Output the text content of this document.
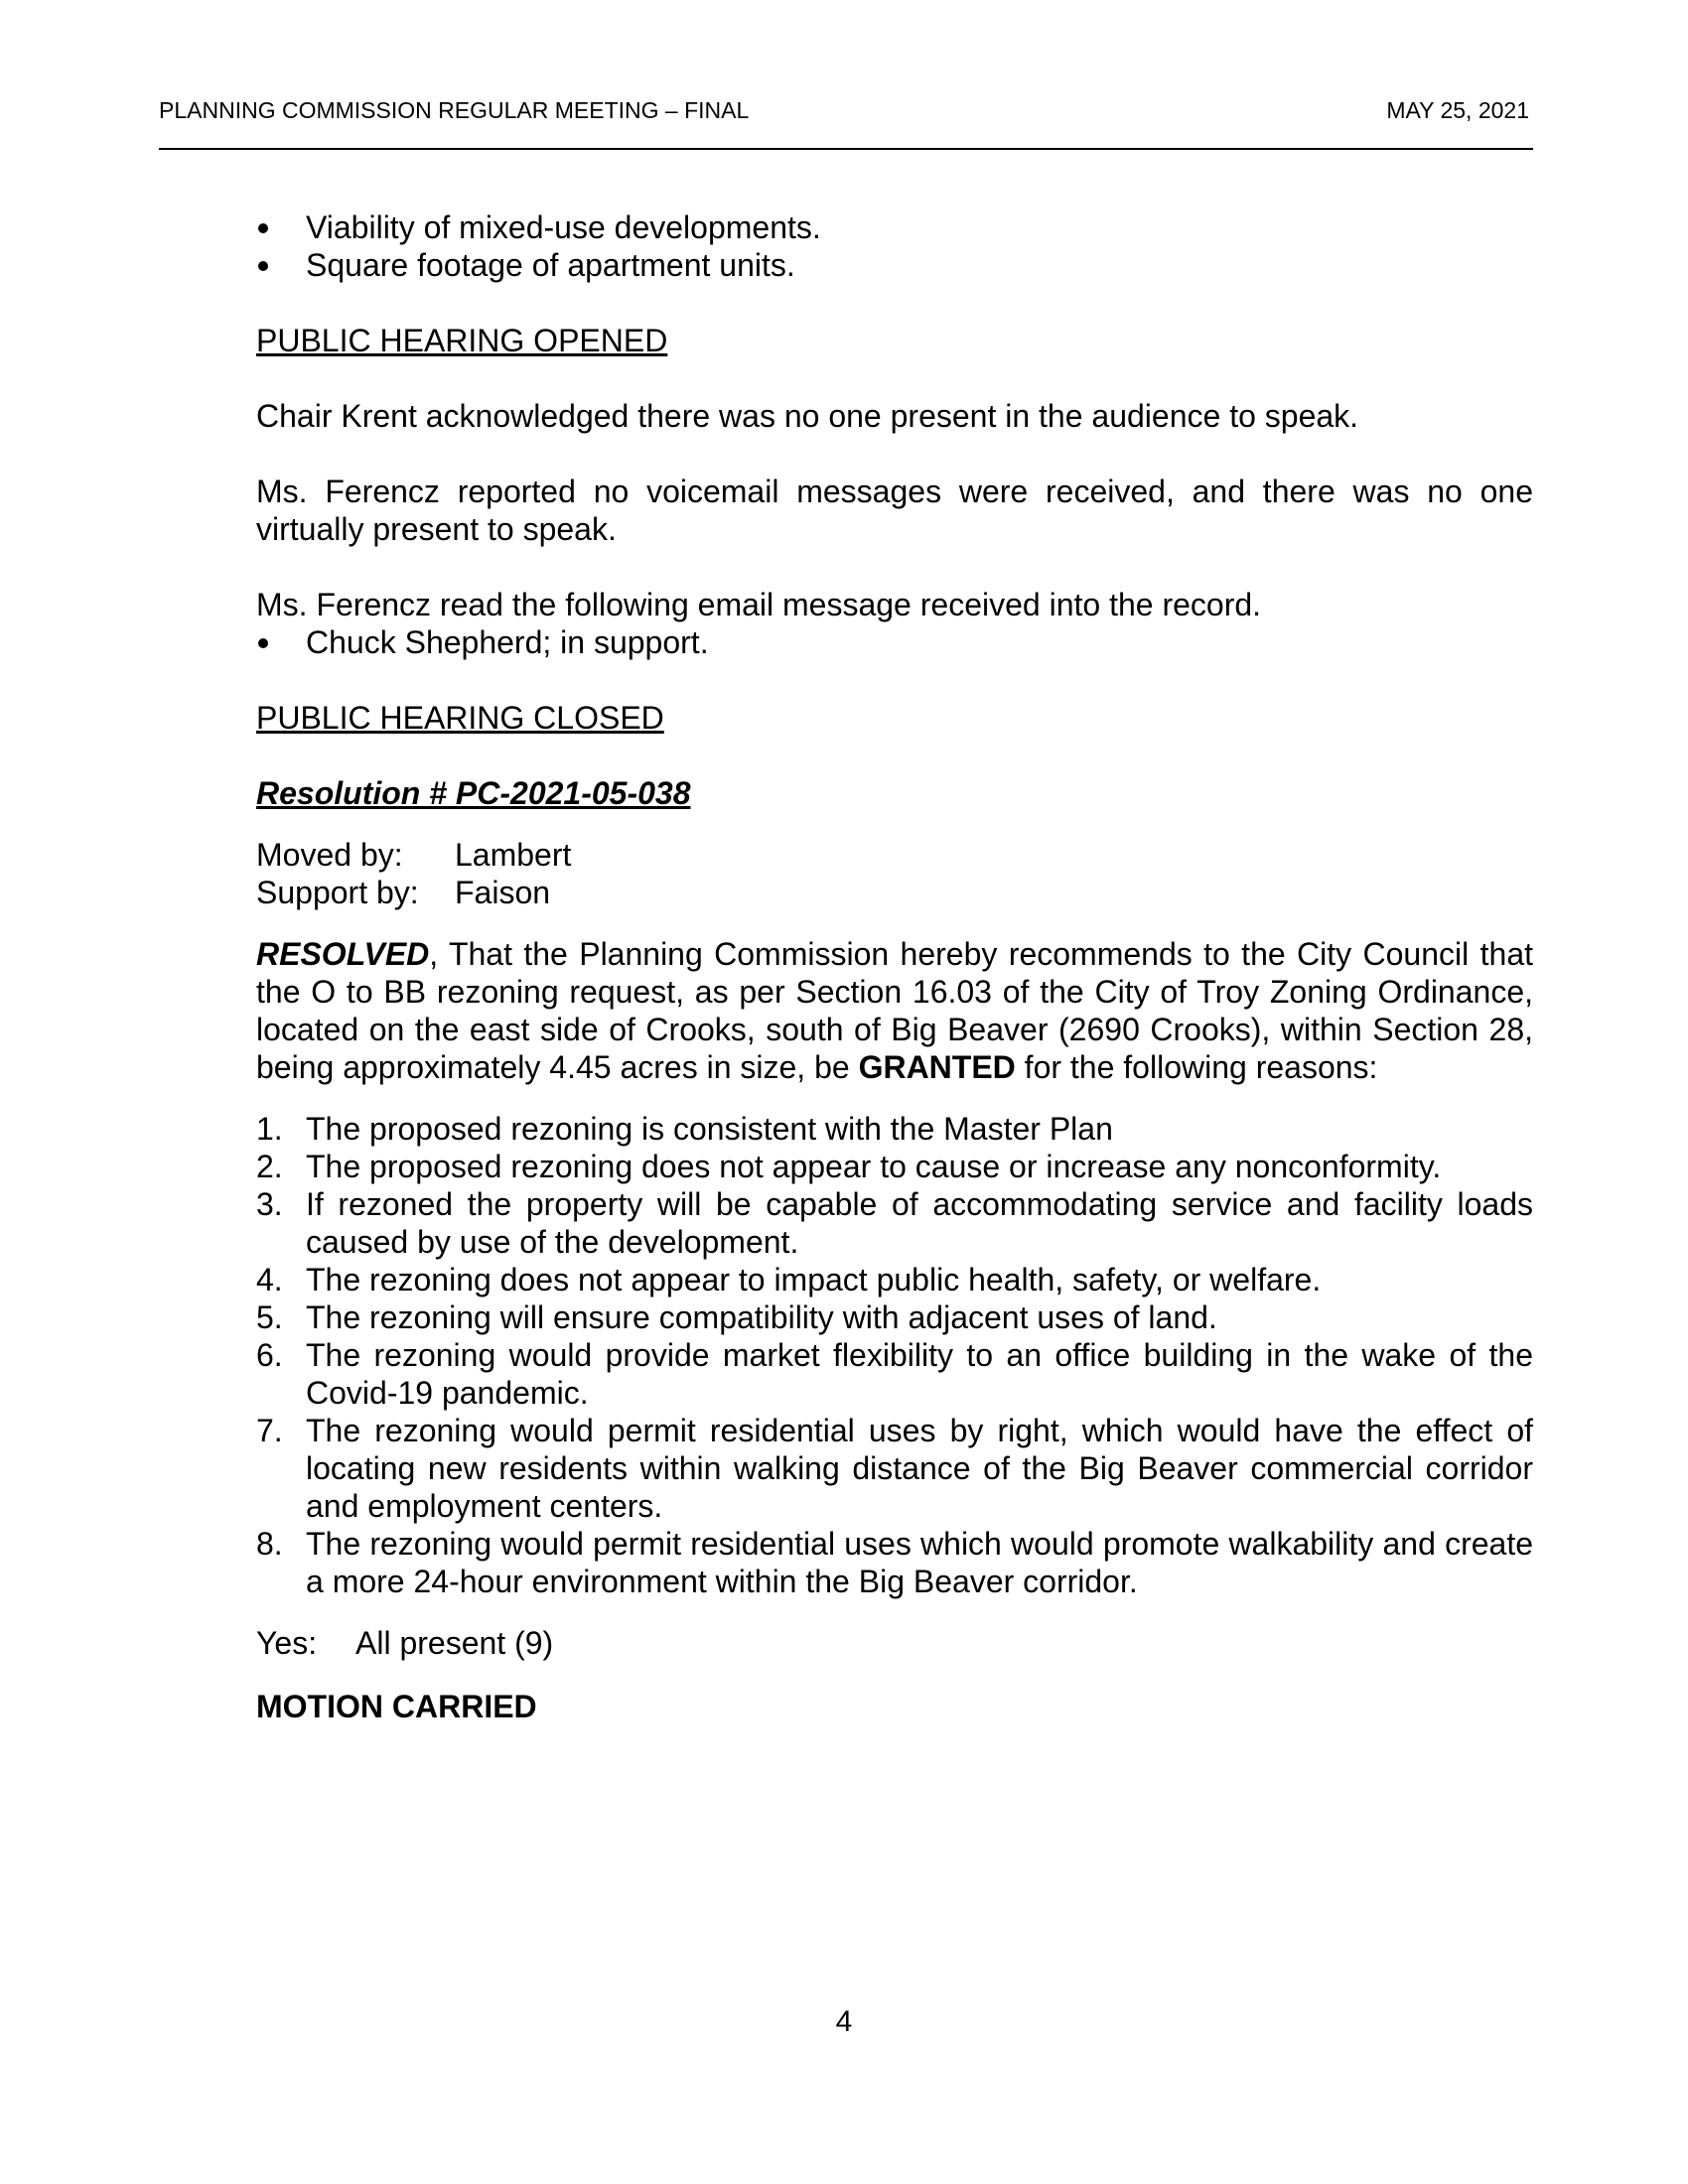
PLANNING COMMISSION REGULAR MEETING – FINAL	MAY 25, 2021
Viability of mixed-use developments.
Square footage of apartment units.

PUBLIC HEARING OPENED

Chair Krent acknowledged there was no one present in the audience to speak.

Ms. Ferencz reported no voicemail messages were received, and there was no one virtually present to speak.

Ms. Ferencz read the following email message received into the record.

Chuck Shepherd; in support.

PUBLIC HEARING CLOSED

Resolution # PC-2021-05-038

Moved by:	Lambert
Support by:	Faison

RESOLVED, That the Planning Commission hereby recommends to the City Council that the O to BB rezoning request, as per Section 16.03 of the City of Troy Zoning Ordinance, located on the east side of Crooks, south of Big Beaver (2690 Crooks), within Section 28, being approximately 4.45 acres in size, be GRANTED for the following reasons:

1. The proposed rezoning is consistent with the Master Plan
2. The proposed rezoning does not appear to cause or increase any nonconformity.
3. If rezoned the property will be capable of accommodating service and facility loads caused by use of the development.
4. The rezoning does not appear to impact public health, safety, or welfare.
5. The rezoning will ensure compatibility with adjacent uses of land.
6. The rezoning would provide market flexibility to an office building in the wake of the Covid-19 pandemic.
7. The rezoning would permit residential uses by right, which would have the effect of locating new residents within walking distance of the Big Beaver commercial corridor and employment centers.
8. The rezoning would permit residential uses which would promote walkability and create a more 24-hour environment within the Big Beaver corridor.
Yes:	All present (9)

MOTION CARRIED

4
